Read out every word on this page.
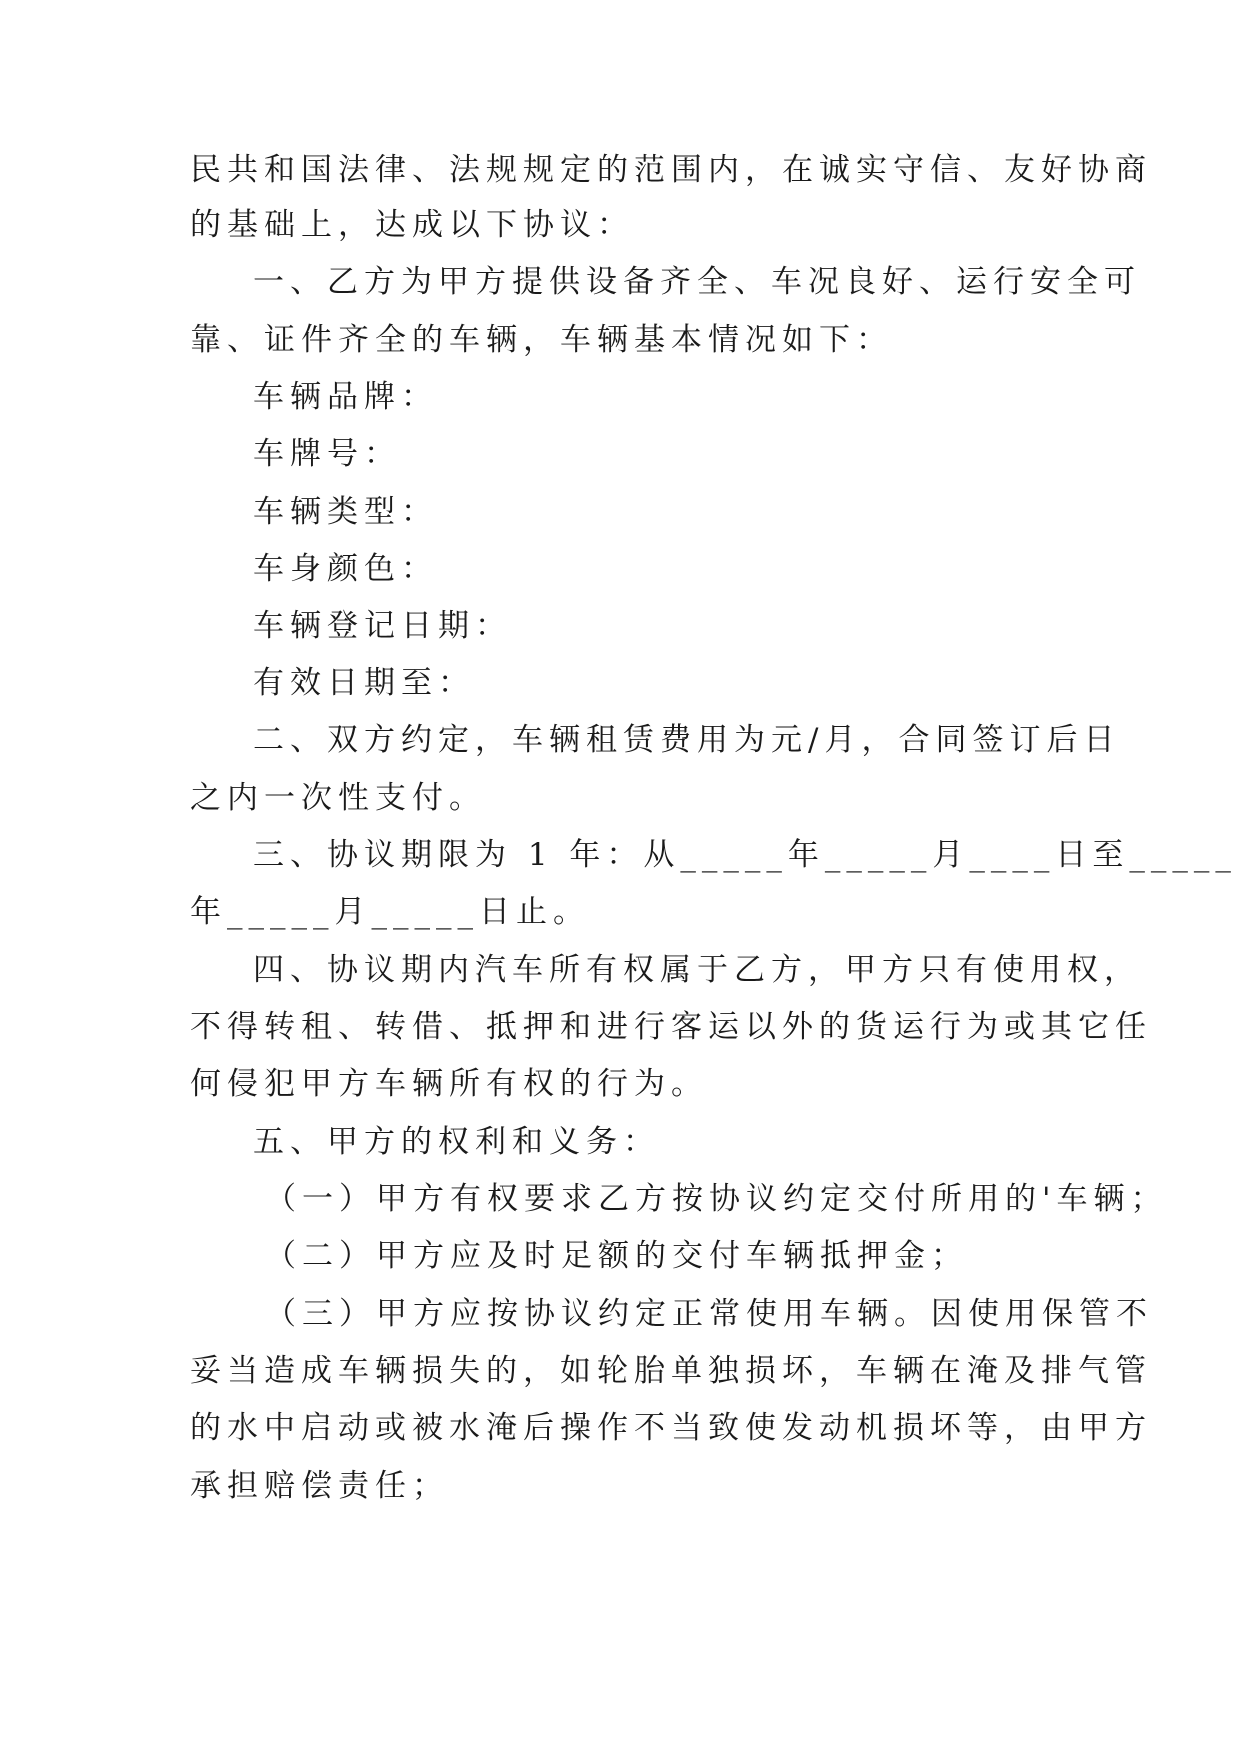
民共和国法律、法规规定的范围内，在诚实守信、友好协商
的基础上，达成以下协议：
一、乙方为甲方提供设备齐全、车况良好、运行安全可
靠、证件齐全的车辆，车辆基本情况如下：
车辆品牌：
车牌号：
车辆类型：
车身颜色：
车辆登记日期：
有效日期至：
二、双方约定，车辆租赁费用为元/月，合同签订后日
之内一次性支付。
三、协议期限为 1 年：从_____年_____月____日至_____
年_____月_____日止。
四、协议期内汽车所有权属于乙方，甲方只有使用权，
不得转租、转借、抵押和进行客运以外的货运行为或其它任
何侵犯甲方车辆所有权的行为。
五、甲方的权利和义务：
（一）甲方有权要求乙方按协议约定交付所用的'车辆；
（二）甲方应及时足额的交付车辆抵押金；
（三）甲方应按协议约定正常使用车辆。因使用保管不
妥当造成车辆损失的，如轮胎单独损坏，车辆在淹及排气管
的水中启动或被水淹后操作不当致使发动机损坏等，由甲方
承担赔偿责任；
